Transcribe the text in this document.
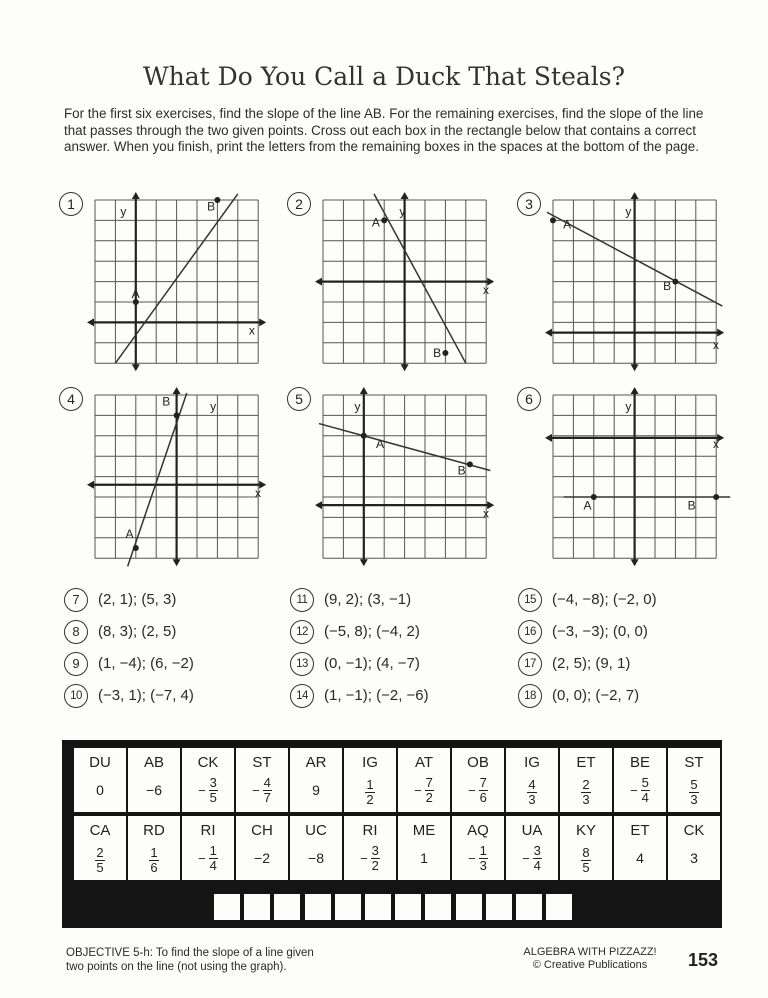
What Do You Call a Duck That Steals?
For the first six exercises, find the slope of the line AB. For the remaining exercises, find the slope of the line that passes through the two given points. Cross out each box in the rectangle below that contains a correct answer. When you finish, print the letters from the remaining boxes in the spaces at the bottom of the page.
A
B
x
y
1
A
B
x
y
2
A
B
x
y
3
A
B
x
y
4
A
B
x
y
5
A	B
x
y
6
7 (2, 1); (5, 3)
8 (8, 3); (2, 5)
9 (1, −4); (6, −2)
10 (−3, 1); (−7, 4)
11 (9, 2); (3, −1)
12 (−5, 8); (−4, 2)
13 (0, −1); (4, −7)
14 (1, −1); (−2, −6)
15 (−4, −8); (−2, 0)
16 (−3, −3); (0, 0)
17 (2, 5); (9, 1)
18 (0, 0); (−2, 7)
DU
0
AB
−6
CK
− $\frac{3}{5}$
ST
− $\frac{4}{7}$
AR
9
IG
$\frac{1}{2}$
AT
− $\frac{7}{2}$
OB
− $\frac{7}{6}$
IG
$\frac{4}{3}$
ET
$\frac{2}{3}$
BE
− $\frac{5}{4}$
ST
$\frac{5}{3}$
CA
$\frac{2}{5}$
RD
$\frac{1}{6}$
RI
− $\frac{1}{4}$
CH
−2
UC
−8
RI
− $\frac{3}{2}$
ME
1
AQ
− $\frac{1}{3}$
UA
− $\frac{3}{4}$
KY
$\frac{8}{5}$
ET
4
CK
3
OBJECTIVE 5-h: To find the slope of a line given
two points on the line (not using the graph).
ALGEBRA WITH PIZZAZZ!
© Creative Publications	153
